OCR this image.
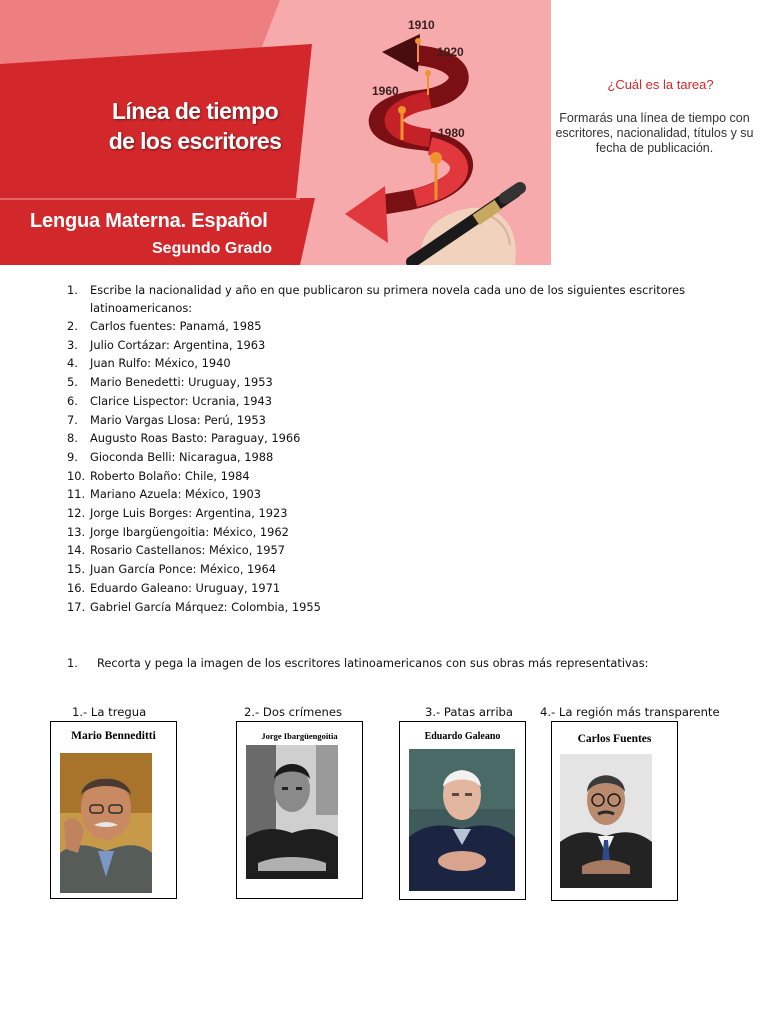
Línea de tiempo
de los escritores
Lengua Materna. Español
Segundo Grado
1910
1920
1960
1980
¿Cuál es la tarea?
Formarás una línea de tiempo con escritores, nacionalidad, títulos y su fecha de publicación.
1.	Escribe la nacionalidad y año en que publicaron su primera novela cada uno de los siguientes escritores latinoamericanos:
2.	Carlos fuentes: Panamá, 1985
3.	Julio Cortázar: Argentina, 1963
4.	Juan Rulfo: México, 1940
5.	Mario Benedetti: Uruguay, 1953
6.	Clarice Lispector: Ucrania, 1943
7.	Mario Vargas Llosa: Perú, 1953
8.	Augusto Roas Basto: Paraguay, 1966
9.	Gioconda Belli: Nicaragua, 1988
10. Roberto Bolaño: Chile, 1984
11. Mariano Azuela: México, 1903
12. Jorge Luis Borges: Argentina, 1923
13. Jorge Ibargüengoitia: México, 1962
14. Rosario Castellanos: México, 1957
15. Juan García Ponce: México, 1964
16. Eduardo Galeano: Uruguay, 1971
17. Gabriel García Márquez: Colombia, 1955
1.	Recorta y pega la imagen de los escritores latinoamericanos con sus obras más representativas:
1.- La tregua	2.- Dos crímenes	3.- Patas arriba 4.- La región más transparente
Mario Benneditti	Jorge Ibargüengoitia	Eduardo Galeano	Carlos Fuentes
